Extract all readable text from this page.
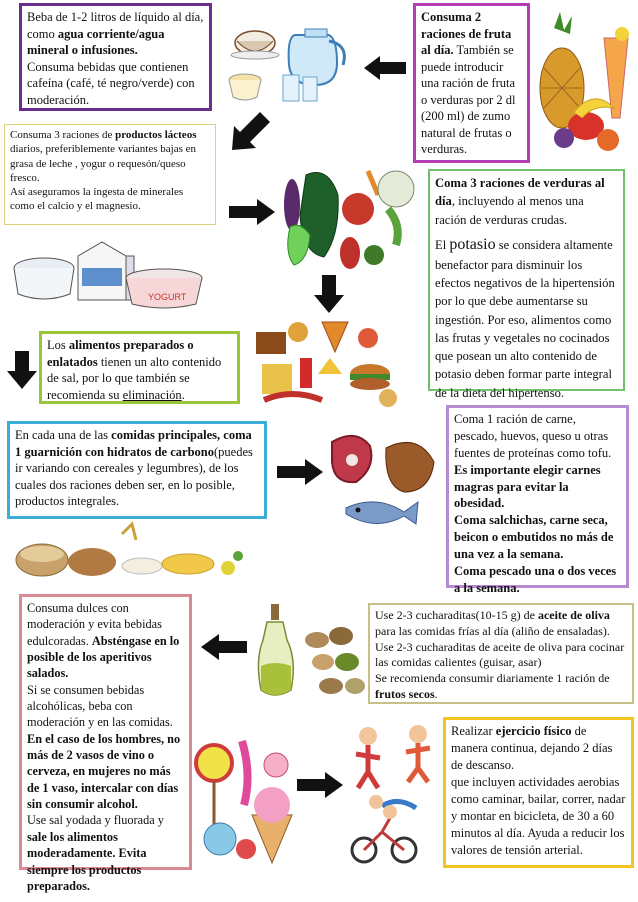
Beba de 1-2 litros de líquido al día, como agua corriente/agua mineral o infusiones.

Consuma bebidas que contienen cafeína (café, té negro/verde) con moderación.

Consuma 2 raciones de fruta al día. También se puede introducir una ración de fruta o verduras por 2 dl (200 ml) de zumo natural de frutas o verduras.

Consuma 3 raciones de productos lácteos diarios, preferiblemente variantes bajas en grasa de leche , yogur o requesón/queso fresco.

Así aseguramos la ingesta de minerales como el calcio y el magnesio.

YOGURT

Coma 3 raciones de verduras al día, incluyendo al menos una ración de verduras crudas.

El potasio se considera altamente benefactor para disminuir los efectos negativos de la hipertensión por lo que debe aumentarse su ingestión. Por eso, alimentos como las frutas y vegetales no cocinados que posean un alto contenido de potasio deben formar parte integral de la dieta del hipertenso.

Los alimentos preparados o enlatados tienen un alto contenido de sal, por lo que también se recomienda su eliminación.

En cada una de las comidas principales, coma 1 guarnición con hidratos de carbono(puedes ir variando con cereales y legumbres), de los cuales dos raciones deben ser, en lo posible, productos integrales.

Coma 1 ración de carne, pescado, huevos, queso u otras fuentes de proteínas como tofu.

Es importante elegir carnes magras para evitar la obesidad.

Coma salchichas, carne seca, beicon o embutidos no más de una vez a la semana.

Coma pescado una o dos veces a la semana.

Consuma dulces con moderación y evita bebidas edulcoradas. Absténgase en lo posible de los aperitivos salados.

Si se consumen bebidas alcohólicas, beba con moderación y en las comidas. En el caso de los hombres, no más de 2 vasos de vino o cerveza, en mujeres no más de 1 vaso, intercalar con días sin consumir alcohol.

Use sal yodada y fluorada y sale los alimentos moderadamente. Evita siempre los productos preparados.

Use 2-3 cucharaditas(10-15 g) de aceite de oliva para las comidas frías al día (aliño de ensaladas).

Use 2-3 cucharaditas de aceite de oliva para cocinar las comidas calientes (guisar, asar)

Se recomienda consumir diariamente 1 ración de frutos secos.

Realizar ejercicio físico de manera continua, dejando 2 días de descanso.

que incluyen actividades aerobias como caminar, bailar, correr, nadar y montar en bicicleta, de 30 a 60 minutos al día. Ayuda a reducir los valores de tensión arterial.
